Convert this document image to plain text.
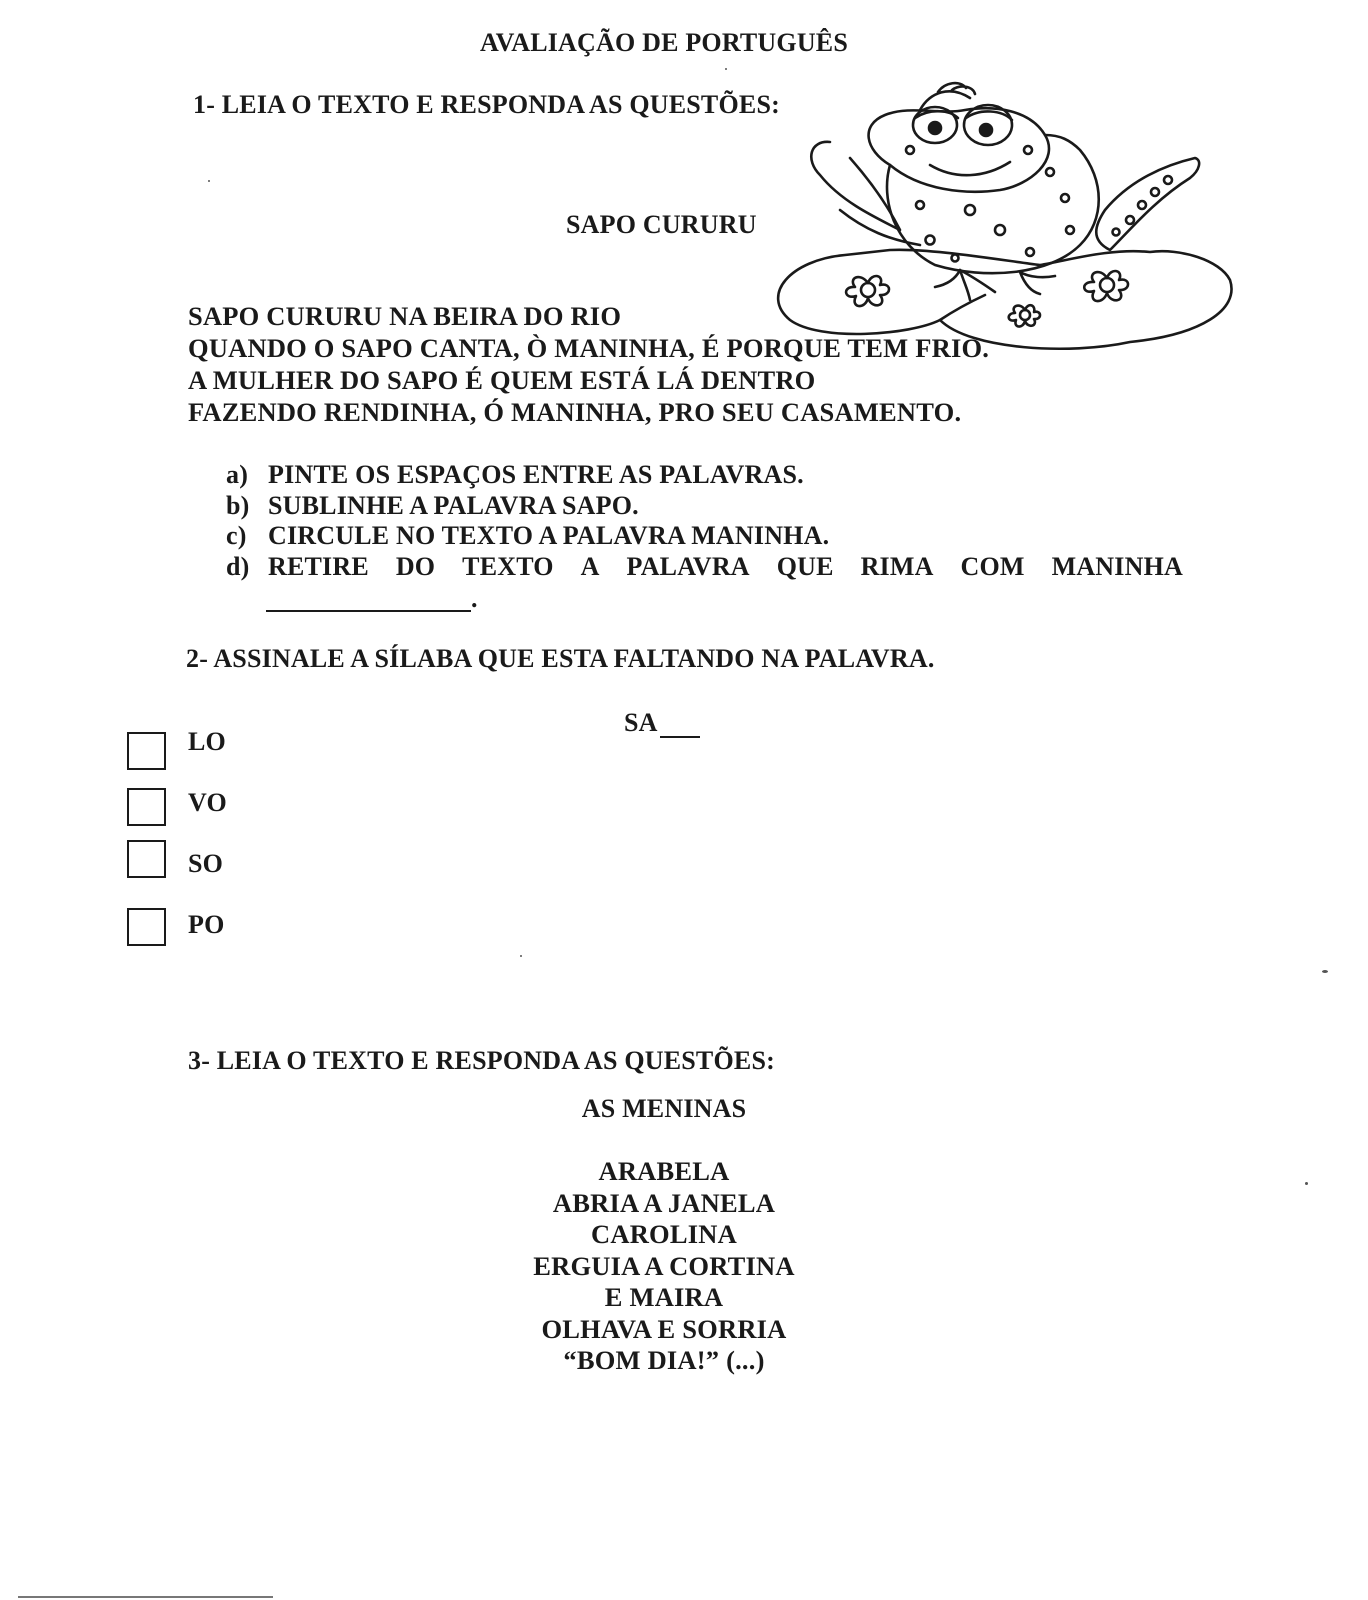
AVALIAÇÃO DE PORTUGUÊS
1- LEIA O TEXTO E RESPONDA AS QUESTÕES:
SAPO CURURU
SAPO CURURU NA BEIRA DO RIO
QUANDO O SAPO CANTA, Ò MANINHA, É PORQUE TEM FRIO.
A MULHER DO SAPO É QUEM ESTÁ LÁ DENTRO
FAZENDO RENDINHA, Ó MANINHA, PRO SEU CASAMENTO.
a) PINTE OS ESPAÇOS ENTRE AS PALAVRAS.
b) SUBLINHE A PALAVRA SAPO.
c) CIRCULE NO TEXTO A PALAVRA MANINHA.
d) RETIRE DO TEXTO A PALAVRA QUE RIMA COM MANINHA
.
2- ASSINALE A SÍLABA QUE ESTA FALTANDO NA PALAVRA.
SA
LO
VO
SO
PO
3- LEIA O TEXTO E RESPONDA AS QUESTÕES:
AS MENINAS
ARABELA
ABRIA A JANELA
CAROLINA
ERGUIA A CORTINA
E MAIRA
OLHAVA E SORRIA
“BOM DIA!” (...)
